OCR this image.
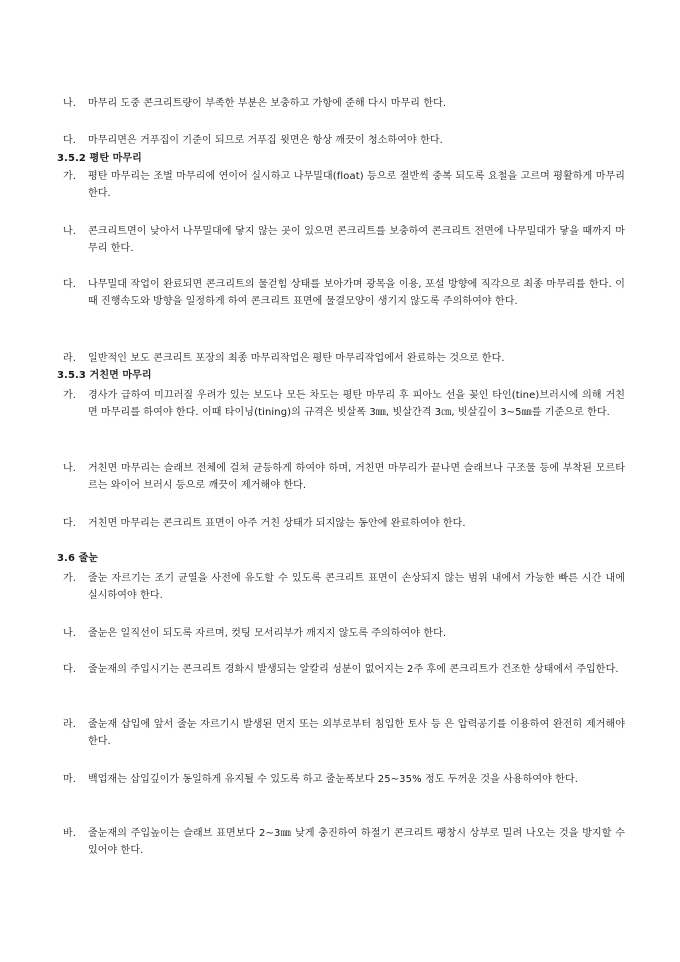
나.	마무리 도중 콘크리트량이 부족한 부분은 보충하고 가항에 준해 다시 마무리 한다.
다.	마무리면은 거푸집이 기준이 되므로 거푸집 윗면은 항상 깨끗이 청소하여야 한다.
3.5.2 평탄 마무리
가.	평탄 마무리는 조벌 마무리에 연이어 실시하고 나무밀대(float) 등으로 절반씩 중복 되도록 요철을 고르며 평활하게 마무리한다.
나.	콘크리트면이 낮아서 나무밀대에 닿지 않는 곳이 있으면 콘크리트를 보충하여 콘크리트 전면에 나무밀대가 닿을 때까지 마무리 한다.
다.	나무밀대 작업이 완료되면 콘크리트의 물걷힘 상태를 보아가며 광목을 이용, 포설 방향에 직각으로 최종 마무리를 한다. 이때 진행속도와 방향을 일정하게 하여 콘크리트 표면에 물결모양이 생기지 않도록 주의하여야 한다.
라.	일반적인 보도 콘크리트 포장의 최종 마무리작업은 평탄 마무리작업에서 완료하는 것으로 한다.
3.5.3 거친면 마무리
가.	경사가 급하여 미끄러질 우려가 있는 보도나 모든 차도는 평탄 마무리 후 피아노 선을 꽂인 타인(tine)브러시에 의해 거친면 마무리를 하여야 한다. 이때 타이닝(tining)의 규격은 빗살폭 3㎜, 빗살간격 3㎝, 빗살깊이 3∼5㎜를 기준으로 한다.
나.	거친면 마무리는 슬래브 전체에 걸쳐 균등하게 하여야 하며, 거친면 마무리가 끝나면 슬래브나 구조물 등에 부착된 모르타르는 와이어 브러시 등으로 깨끗이 제거해야 한다.
다.	거친면 마무리는 콘크리트 표면이 아주 거친 상태가 되지않는 동안에 완료하여야 한다.
3.6 줄눈
가.	줄눈 자르기는 조기 균열을 사전에 유도할 수 있도록 콘크리트 표면이 손상되지 않는 범위 내에서 가능한 빠른 시간 내에 실시하여야 한다.
나.	줄눈은 일직선이 되도록 자르며, 컷팅 모서리부가 깨지지 않도록 주의하여야 한다.
다.	줄눈재의 주입시기는 콘크리트 경화시 발생되는 알칼리 성분이 없어지는 2주 후에 콘크리트가 건조한 상태에서 주입한다.
라.	줄눈재 삽입에 앞서 줄눈 자르기시 발생된 먼지 또는 외부로부터 침입한 토사 등 은 압력공기를 이용하여 완전히 제거해야 한다.
마.	백업재는 삽입깊이가 동일하게 유지될 수 있도록 하고 줄눈폭보다 25∼35% 정도 두꺼운 것을 사용하여야 한다.
바.	줄눈재의 주입높이는 슬래브 표면보다 2∼3㎜ 낮게 충진하여 하절기 콘크리트 팽창시 상부로 밀려 나오는 것을 방지할 수 있어야 한다.
